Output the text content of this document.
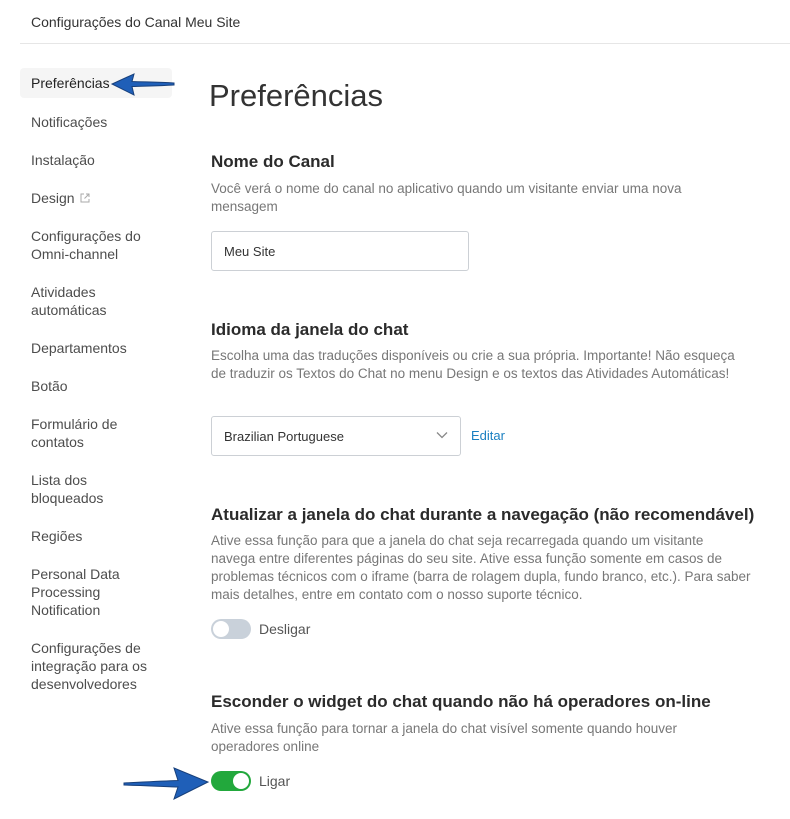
Configurações do Canal Meu Site
Preferências
Notificações
Instalação
Design
Configurações do Omni-channel
Atividades automáticas
Departamentos
Botão
Formulário de contatos
Lista dos bloqueados
Regiões
Personal Data Processing Notification
Configurações de integração para os desenvolvedores
Preferências
Nome do Canal

Você verá o nome do canal no aplicativo quando um visitante enviar uma nova mensagem

Meu Site
Idioma da janela do chat

Escolha uma das traduções disponíveis ou crie a sua própria. Importante! Não esqueça de traduzir os Textos do Chat no menu Design e os textos das Atividades Automáticas!

Brazilian Portuguese	Editar
Atualizar a janela do chat durante a navegação (não recomendável)

Ative essa função para que a janela do chat seja recarregada quando um visitante navega entre diferentes páginas do seu site. Ative essa função somente em casos de problemas técnicos com o iframe (barra de rolagem dupla, fundo branco, etc.). Para saber mais detalhes, entre em contato com o nosso suporte técnico.

Desligar
Esconder o widget do chat quando não há operadores on-line

Ative essa função para tornar a janela do chat visível somente quando houver operadores online

Ligar
